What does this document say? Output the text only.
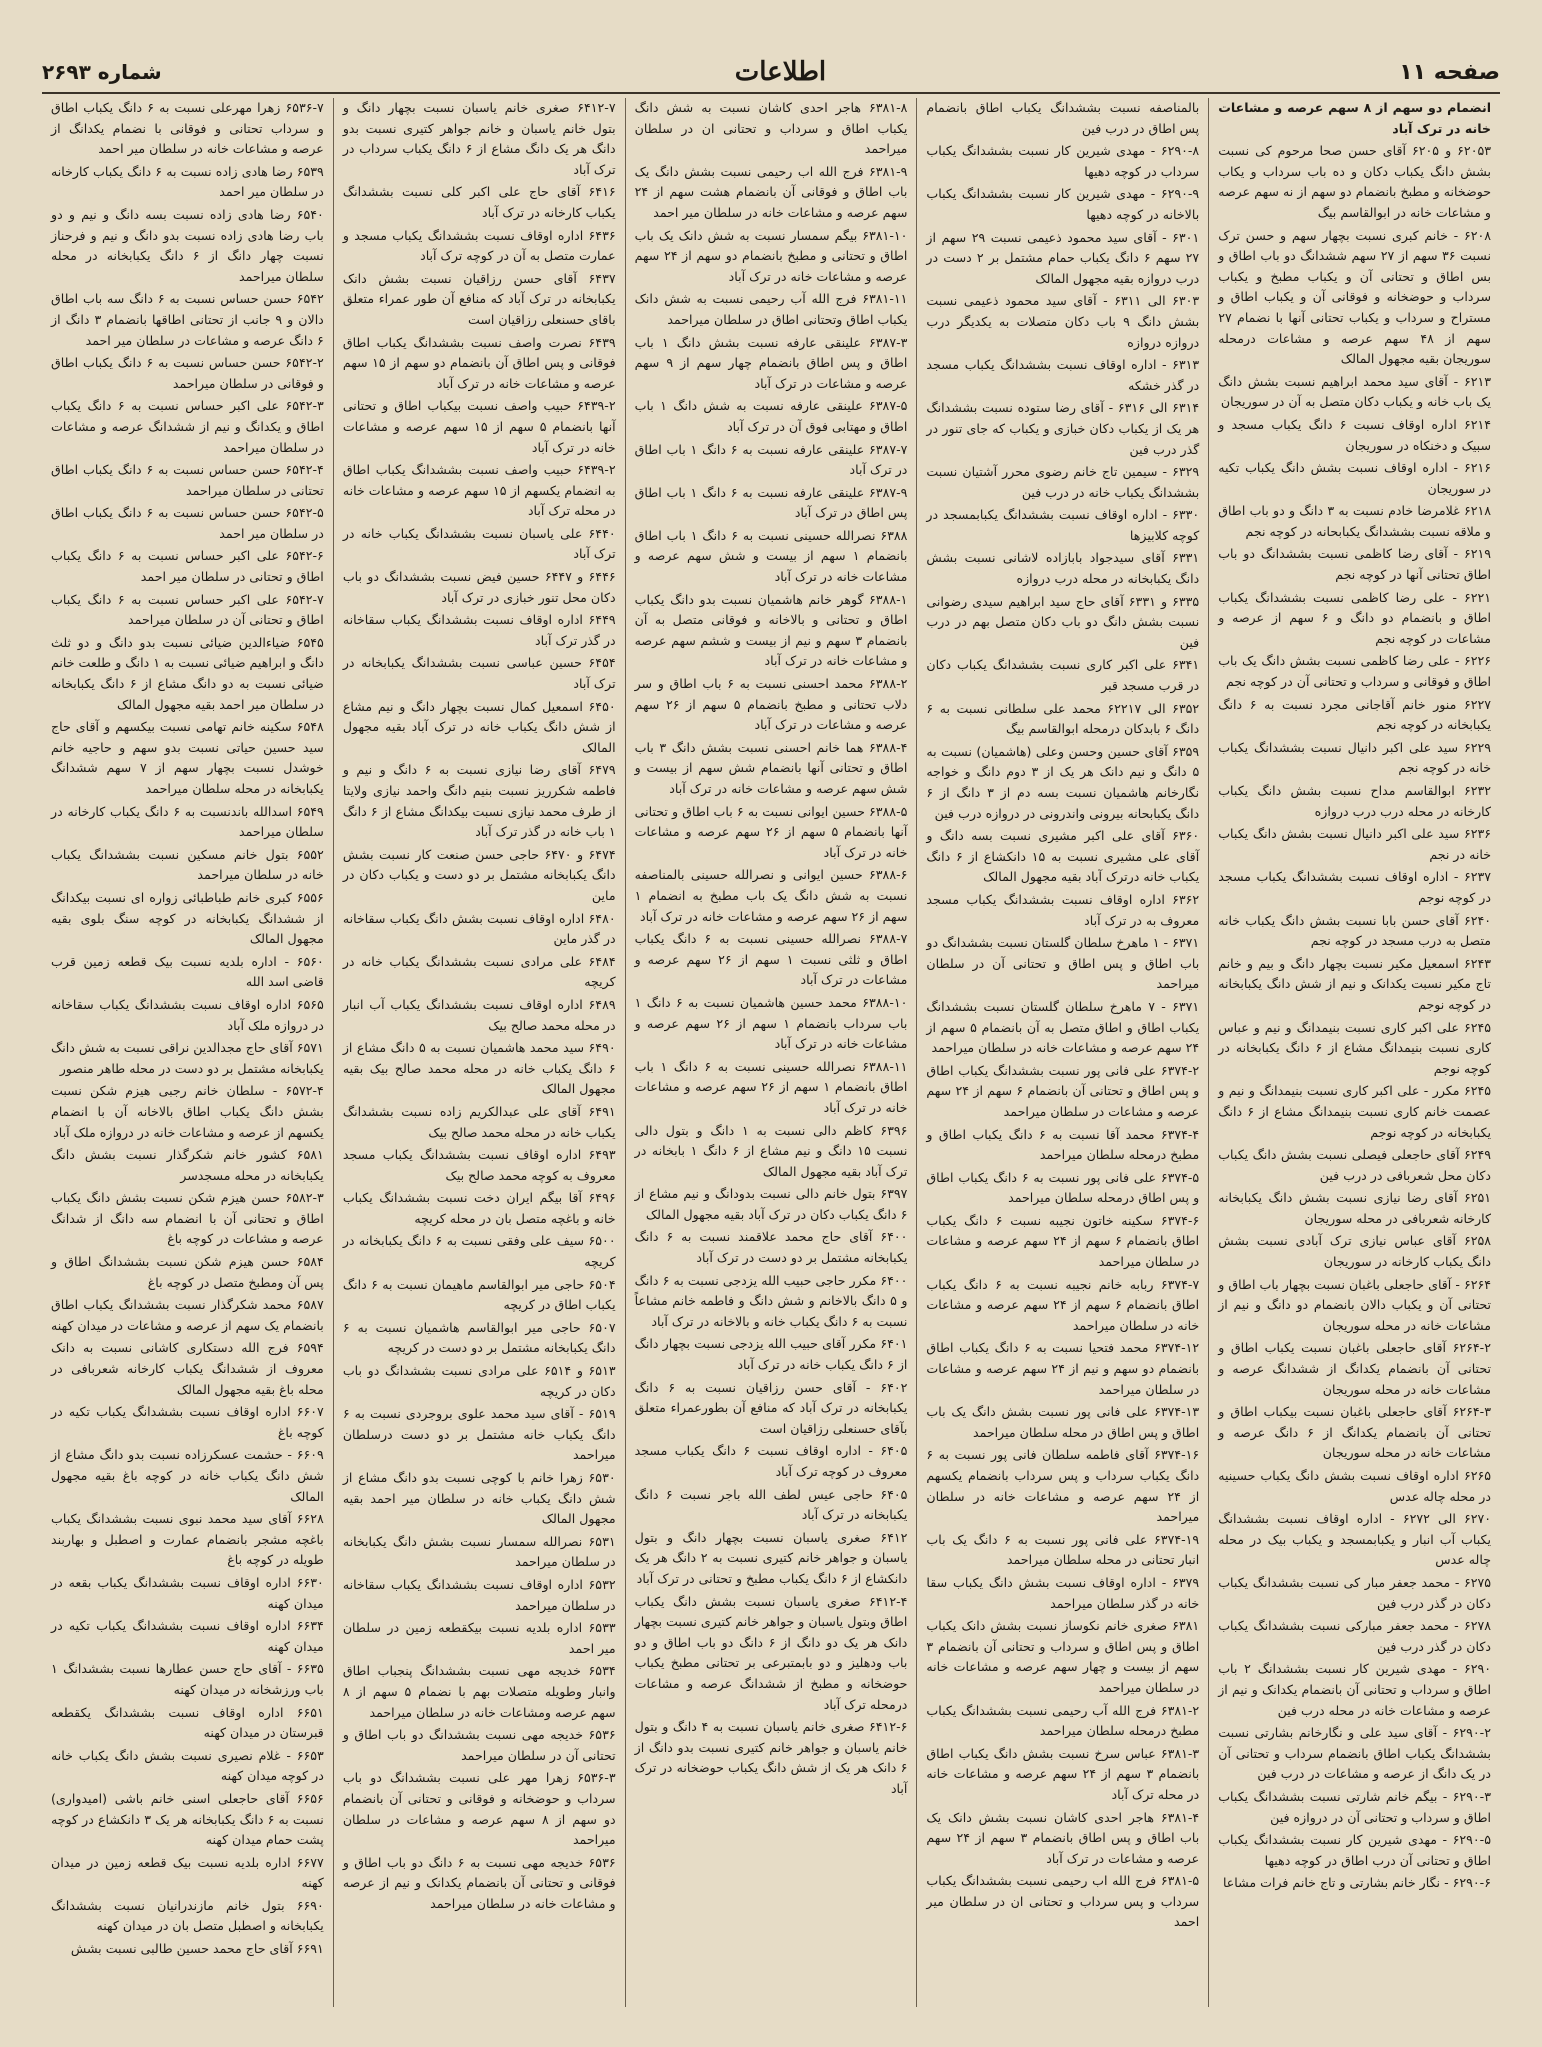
صفحه ۱۱
اطلاعات
شماره ۲۶۹۳

انضمام دو سهم از ۸ سهم عرصه و مشاعات خانه در ترک آباد

۶۲۰۵۳ و ۶۲۰۵ آقای حسن صحا مرحوم کی نسبت بشش دانگ یکباب دکان و ده باب سرداب و یکاب حوضخانه و مطبخ بانضمام دو سهم از نه سهم عرصه و مشاعات خانه در ابوالقاسم بیگ

۶۲۰۸ - خانم کبری نسبت بچهار سهم و حسن ترک نسبت ۳۶ سهم از ۲۷ سهم ششدانگ دو باب اطاق و بس اطاق و تحتانی آن و یکباب مطبخ و یکباب سرداب و حوضخانه و فوقانی آن و یکباب اطاق و مستراح و سرداب و یکباب تحتانی آنها با نضمام ۲۷ سهم از ۴۸ سهم عرصه و مشاعات درمحله سوریجان بقیه مجهول المالک

۶۲۱۳ - آقای سید محمد ابراهیم نسبت بشش دانگ یک باب خانه و یکباب دکان متصل به آن در سوریجان

۶۲۱۴ اداره اوقاف نسبت ۶ دانگ یکباب مسجد و سبیک و دخنکاه در سوریجان

۶۲۱۶ - اداره اوقاف نسبت بشش دانگ یکباب تکیه در سوریجان

۶۲۱۸ غلامرضا خادم نسبت به ۳ دانگ و دو باب اطاق و ملاقه نسبت بششدانگ یکبابحانه در کوچه نجم

۶۲۱۹ - آقای رضا کاظمی نسبت بششدانگ دو باب اطاق تحتانی آنها در کوچه نجم

۶۲۲۱ - علی رضا کاظمی نسبت بششدانگ یکباب اطاق و بانضمام دو دانگ و ۶ سهم از عرصه و مشاعات در کوچه نجم

۶۲۲۶ - علی رضا کاظمی نسبت بشش دانگ یک باب اطاق و فوقانی و سرداب و تحتانی آن در کوچه نجم

۶۲۲۷ منور خانم آقاجانی مجرد نسبت به ۶ دانگ یکبابخانه در کوچه نجم

۶۲۲۹ سید علی اکبر دانیال نسبت بششدانگ یکباب خانه در کوچه نجم

۶۲۳۲ ابوالقاسم مداح نسبت بشش دانگ یکباب کارخانه در محله درب درب دروازه

۶۲۳۶ سید علی اکبر دانیال نسبت بشش دانگ یکباب خانه در نجم

۶۲۳۷ - اداره اوقاف نسبت بششدانگ یکباب مسجد در کوچه نوجم

۶۲۴۰ آقای حسن بابا نسبت بشش دانگ یکباب خانه متصل به درب مسجد در کوچه نجم

۶۲۴۳ اسمعیل مکیر نسبت بچهار دانگ و بیم و خانم تاج مکیر نسبت یکدانک و نیم از شش دانگ یکبابخانه در کوچه نوجم

۶۲۴۵ علی اکبر کاری نسبت بنیمدانگ و نیم و عباس کاری نسبت بنیمدانگ مشاع از ۶ دانگ یکبابخانه در کوچه نوجم

۶۲۴۵ مکرر - علی اکبر کاری نسبت بنیمدانگ و نیم و عصمت خانم کاری نسبت بنیمدانگ مشاع از ۶ دانگ یکبابخانه در کوچه نوجم

۶۲۴۹ آقای حاجعلی فیصلی نسبت بشش دانگ یکباب دکان محل شعربافی در درب فین

۶۲۵۱ آقای رضا نیازی نسبت بشش دانگ یکبابخانه کارخانه شعربافی در محله سوریجان

۶۲۵۸ آقای عباس نیازی ترک آبادی نسبت بشش دانگ یکباب کارخانه در سوریجان

۶۲۶۴ - آقای حاجعلی باغبان نسبت بچهار باب اطاق و تحتانی آن و یکباب دالان بانضمام دو دانگ و نیم از مشاعات خانه در محله سوریجان

۶۲۶۴-۲ آقای حاجعلی باغبان نسبت یکباب اطاق و تحتانی آن بانضمام یکدانگ از ششدانگ عرصه و مشاعات خانه در محله سوریجان

۶۲۶۴-۳ آقای حاجعلی باغبان نسبت بیکباب اطاق و تحتانی آن بانضمام یکدانگ از ۶ دانگ عرصه و مشاعات خانه در محله سوریجان

۶۲۶۵ اداره اوقاف نسبت بشش دانگ یکباب حسینیه در محله چاله عدس

۶۲۷۰ الی ۶۲۷۲ - اداره اوقاف نسبت بششدانگ یکباب آب انبار و یکبابمسجد و یکباب بیک در محله چاله عدس

۶۲۷۵ - محمد جعفر مبار کی نسبت بششدانگ یکباب دکان در گذر درب فین

۶۲۷۸ - محمد جعفر مبارکی نسبت بششدانگ یکباب دکان در گذر درب فین

۶۲۹۰ - مهدی شیرین کار نسبت بششدانگ ۲ باب اطاق و سرداب و تحتانی آن بانضمام یکدانک و نیم از عرصه و مشاعات خانه در محله درب فین

۶۲۹۰-۲ - آقای سید علی و نگارخانم بشارتی نسبت بششدانگ یکباب اطاق بانضمام سرداب و تحتانی آن در یک دانگ از عرصه و مشاعات در درب فین

۶۲۹۰-۳ - بیگم خانم شارتی نسبت بششدانگ یکباب اطاق و سرداب و تحتانی آن در دروازه فین

۶۲۹۰-۵ - مهدی شیرین کار نسبت بششدانگ یکباب اطاق و تحتانی آن درب اطاق در کوچه دهیها

۶۲۹۰-۶ - نگار خانم بشارتی و تاج خانم فرات مشاعا

بالمناصفه نسبت بششدانگ یکباب اطاق بانضمام پس اطاق در درب فین

۶۲۹۰-۸ - مهدی شیرین کار نسبت بششدانگ یکباب سرداب در کوچه دهیها

۶۲۹۰-۹ - مهدی شیرین کار نسبت بششدانگ یکباب بالاخانه در کوچه دهیها

۶۳۰۱ - آقای سید محمود ذعیمی نسبت ۲۹ سهم از ۲۷ سهم ۶ دانگ یکباب حمام مشتمل بر ۲ دست در درب دروازه بقیه مجهول المالک

۶۳۰۳ الی ۶۳۱۱ - آقای سید محمود ذعیمی نسبت بشش دانگ ۹ باب دکان متصلات به یکدیگر درب دروازه دروازه

۶۳۱۳ - اداره اوقاف نسبت بششدانگ یکباب مسجد در گذر خشکه

۶۳۱۴ الی ۶۳۱۶ - آقای رضا ستوده نسبت بششدانگ هر یک از یکباب دکان خبازی و یکباب که جای تنور در گذر درب فین

۶۳۲۹ - سیمین تاج خانم رضوی محرر آشتیان نسبت بششدانگ یکباب خانه در درب فین

۶۳۳۰ - اداره اوقاف نسبت بششدانگ یکبابمسجد در کوچه کلابیزها

۶۳۳۱ آقای سیدجواد بابازاده لاشانی نسبت بشش دانگ یکبابخانه در محله درب دروازه

۶۳۳۵ و ۶۳۳۱ آقای حاج سید ابراهیم سیدی رضوانی نسبت بشش دانگ دو باب دکان متصل بهم در درب فین

۶۳۴۱ علی اکبر کاری نسبت بششدانگ یکباب دکان در قرب مسجد قبر

۶۳۵۲ الی ۶۲۲۱۷ محمد علی سلطانی نسبت به ۶ دانگ ۶ بابدکان درمحله ابوالقاسم بیگ

۶۳۵۹ آقای حسین وحسن وعلی (هاشمیان) نسبت به ۵ دانگ و نیم دانک هر یک از ۳ دوم دانگ و خواجه نگارخانم هاشمیان نسبت بسه دم از ۳ دانگ از ۶ دانگ یکبابحانه بیرونی واندرونی در دروازه درب فین

۶۳۶۰ آقای علی اکبر مشیری نسبت بسه دانگ و آقای علی مشیری نسبت به ۱۵ دانکشاع از ۶ دانگ یکباب خانه درترک آباد بقیه مجهول المالک

۶۳۶۲ اداره اوقاف نسبت بششدانگ یکباب مسجد معروف به در ترک آباد

۶۳۷۱ - ۱ ماهرخ سلطان گلستان نسبت بششدانگ دو باب اطاق و پس اطاق و تحتانی آن در سلطان میراحمد

۶۳۷۱ - ۷ ماهرخ سلطان گلستان نسبت بششدانگ یکباب اطاق و اطاق متصل به آن بانضمام ۵ سهم از ۲۴ سهم عرصه و مشاعات خانه در سلطان میراحمد

۶۳۷۴-۲ علی فانی پور نسبت بششدانگ یکباب اطاق و پس اطاق و تحتانی آن بانضمام ۶ سهم از ۲۴ سهم عرصه و مشاعات در سلطان میراحمد

۶۳۷۴-۴ محمد آقا نسبت به ۶ دانگ یکباب اطاق و مطبخ درمحله سلطان میراحمد

۶۳۷۴-۵ علی فانی پور نسبت به ۶ دانگ یکباب اطاق و پس اطاق درمحله سلطان میراحمد

۶۳۷۴-۶ سکینه خاتون نجیبه نسبت ۶ دانگ یکباب اطاق بانضمام ۶ سهم از ۲۴ سهم عرصه و مشاعات در سلطان میراحمد

۶۳۷۴-۷ ربابه خانم نجیبه نسبت به ۶ دانگ یکباب اطاق بانضمام ۶ سهم از ۲۴ سهم عرصه و مشاعات خانه در سلطان میراحمد

۶۳۷۴-۱۲ محمد فتحیا نسبت به ۶ دانگ یکباب اطاق بانضمام دو سهم و نیم از ۲۴ سهم عرصه و مشاعات در سلطان میراحمد

۶۳۷۴-۱۳ علی فانی پور نسبت بشش دانگ یک باب اطاق و پس اطاق در محله سلطان میراحمد

۶۳۷۴-۱۶ آقای فاطمه سلطان فانی پور نسبت به ۶ دانگ یکباب سرداب و پس سرداب بانضمام یکسهم از ۲۴ سهم عرصه و مشاعات خانه در سلطان میراحمد

۶۳۷۴-۱۹ علی فانی پور نسبت به ۶ دانگ یک باب انبار تحتانی در محله سلطان میراحمد

۶۳۷۹ - اداره اوقاف نسبت بشش دانگ یکباب سقا خانه در گذر سلطان میراحمد

۶۳۸۱ صغری خانم نکوساز نسبت بشش دانک یکباب اطاق و پس اطاق و سرداب و تحتانی آن بانضمام ۳ سهم از بیست و چهار سهم عرصه و مشاعات خانه در سلطان میراحمد

۶۳۸۱-۲ فرج الله آب رحیمی نسبت بششدانگ یکباب مطبخ درمحله سلطان میراحمد

۶۳۸۱-۳ عباس سرخ نسبت بشش دانگ یکباب اطاق بانضمام ۳ سهم از ۲۴ سهم عرصه و مشاعات خانه در محله ترک آباد

۶۳۸۱-۴ هاجر احدی کاشان نسبت بشش دانک یک باب اطاق و پس اطاق بانضمام ۳ سهم از ۲۴ سهم عرصه و مشاعات در ترک آباد

۶۳۸۱-۵ فرج الله اب رحیمی نسبت بششدانگ یکباب سرداب و پس سرداب و تحتانی ان در سلطان میر احمد

۶۳۸۱-۸ هاجر احدی کاشان نسبت به شش دانگ یکباب اطاق و سرداب و تحتانی ان در سلطان میراحمد

۶۳۸۱-۹ فرج الله اب رحیمی نسبت بشش دانگ یک باب اطاق و فوقانی آن بانضمام هشت سهم از ۲۴ سهم عرصه و مشاعات خانه در سلطان میر احمد

۶۳۸۱-۱۰ بیگم سمسار نسبت به شش دانک یک باب اطاق و تحتانی و مطبخ بانضمام دو سهم از ۲۴ سهم عرصه و مشاعات خانه در ترک آباد

۶۳۸۱-۱۱ فرج الله آب رحیمی نسبت به شش دانک یکباب اطاق وتحتانی اطاق در سلطان میراحمد

۶۳۸۷-۳ علینقی عارفه نسبت بشش دانگ ۱ باب اطاق و پس اطاق بانضمام چهار سهم از ۹ سهم عرصه و مشاعات در ترک آباد

۶۳۸۷-۵ علینقی عارفه نسبت به شش دانگ ۱ باب اطاق و مهتابی فوق آن در ترک آباد

۶۳۸۷-۷ علینقی عارفه نسبت به ۶ دانگ ۱ باب اطاق در ترک آباد

۶۳۸۷-۹ علینقی عارفه نسبت به ۶ دانگ ۱ باب اطاق پس اطاق در ترک آباد

۶۳۸۸ نصرالله حسینی نسبت به ۶ دانگ ۱ باب اطاق بانضمام ۱ سهم از بیست و شش سهم عرصه و مشاعات خانه در ترک آباد

۶۳۸۸-۱ گوهر خانم هاشمیان نسبت بدو دانگ یکباب اطاق و تحتانی و بالاخانه و فوقانی متصل به آن بانضمام ۳ سهم و نیم از بیست و ششم سهم عرصه و مشاعات خانه در ترک آباد

۶۳۸۸-۲ محمد احسنی نسبت به ۶ باب اطاق و سر دلاب تحتانی و مطبخ بانضمام ۵ سهم از ۲۶ سهم عرصه و مشاعات در ترک آباد

۶۳۸۸-۴ هما خانم احسنی نسبت بشش دانگ ۳ باب اطاق و تحتانی آنها بانضمام شش سهم از بیست و شش سهم عرصه و مشاعات خانه در ترک آباد

۶۳۸۸-۵ حسین ایوانی نسبت به ۶ باب اطاق و تحتانی آنها بانضمام ۵ سهم از ۲۶ سهم عرصه و مشاعات خانه در ترک آباد

۶۳۸۸-۶ حسین ایوانی و نصرالله حسینی بالمناصفه نسبت به شش دانگ یک باب مطبخ به انضمام ۱ سهم از ۲۶ سهم عرصه و مشاعات خانه در ترک آباد

۶۳۸۸-۷ نصرالله حسینی نسبت به ۶ دانگ یکباب اطاق و ثلثی نسبت ۱ سهم از ۲۶ سهم عرصه و مشاعات در ترک آباد

۶۳۸۸-۱۰ محمد حسین هاشمیان نسبت به ۶ دانگ ۱ باب سرداب بانضمام ۱ سهم از ۲۶ سهم عرصه و مشاعات خانه در ترک آباد

۶۳۸۸-۱۱ نصرالله حسینی نسبت به ۶ دانگ ۱ باب اطاق بانضمام ۱ سهم از ۲۶ سهم عرصه و مشاعات خانه در ترک آباد

۶۳۹۶ کاظم دالی نسبت به ۱ دانگ و بتول دالی نسبت ۱۵ دانگ و نیم مشاع از ۶ دانگ ۱ بابخانه در ترک آباد بقیه مجهول المالک

۶۳۹۷ بتول خانم دالی نسبت بدودانگ و نیم مشاع از ۶ دانگ یکباب دکان در ترک آباد بقیه مجهول المالک

۶۴۰۰ آقای حاج محمد علاقمند نسبت به ۶ دانگ یکبابخانه مشتمل بر دو دست در ترک آباد

۶۴۰۰ مکرر حاجی حبیب الله یزدجی نسبت به ۶ دانگ و ۵ دانگ بالاخانم و شش دانگ و فاطمه خانم مشاعاً نسبت به ۶ دانگ یکباب خانه و بالاخانه در ترک آباد

۶۴۰۱ مکرر آقای حبیب الله یزدجی نسبت بچهار دانگ از ۶ دانگ یکباب خانه در ترک آباد

۶۴۰۲ - آقای حسن رزاقیان نسبت به ۶ دانگ یکبابخانه در ترک آباد که منافع آن بطورعمراء متعلق بآقای حسنعلی رزاقیان است

۶۴۰۵ - اداره اوقاف نسبت ۶ دانگ یکباب مسجد معروف در کوچه ترک آباد

۶۴۰۵ حاجی عیس لطف الله باجر نسبت ۶ دانگ یکبابخانه در ترک آباد

۶۴۱۲ صغری یاسبان نسبت بچهار دانگ و بتول یاسبان و جواهر خانم کتیری نسبت به ۲ دانگ هر یک دانکشاع از ۶ دانگ یکباب مطبخ و تحتانی در ترک آباد

۶۴۱۲-۴ صغری یاسبان نسبت بشش دانگ یکباب اطاق وبتول یاسبان و جواهر خانم کتیری نسبت بچهار دانک هر یک دو دانگ از ۶ دانگ دو باب اطاق و دو باب ودهلیز و دو بابمتبرعی بر تحتانی مطبخ یکباب حوضخانه و مطبخ از ششدانگ عرصه و مشاعات درمحله ترک آباد

۶۴۱۲-۶ صغری خانم یاسبان نسبت به ۴ دانگ و بتول خانم یاسبان و جواهر خانم کتیری نسبت بدو دانگ از ۶ دانک هر یک از شش دانگ یکباب حوضخانه در ترک آباد

۶۴۱۲-۷ صغری خانم یاسبان نسبت بچهار دانگ و بتول خانم یاسبان و خانم جواهر کتیری نسبت بدو دانگ هر یک دانگ مشاع از ۶ دانگ یکباب سرداب در ترک آباد

۶۴۱۶ آقای حاج علی اکبر کلی نسبت بششدانگ یکباب کارخانه در ترک آباد

۶۴۳۶ اداره اوقاف نسبت بششدانگ یکباب مسجد و عمارت متصل به آن در کوچه ترک آباد

۶۴۳۷ آقای حسن رزاقیان نسبت بشش دانک یکبابخانه در ترک آباد که منافع آن طور عمراء متعلق باقای حسنعلی رزاقیان است

۶۴۳۹ نصرت واصف نسبت بششدانگ یکباب اطاق فوقانی و پس اطاق آن بانضمام دو سهم از ۱۵ سهم عرصه و مشاعات خانه در ترک آباد

۶۴۳۹-۲ حبیب واصف نسبت بیکباب اطاق و تحتانی آنها بانضمام ۵ سهم از ۱۵ سهم عرصه و مشاعات خانه در ترک آباد

۶۴۳۹-۲ حبیب واصف نسبت بششدانگ یکباب اطاق به انضمام یکسهم از ۱۵ سهم عرصه و مشاعات خانه در محله ترک آباد

۶۴۴۰ علی یاسبان نسبت بششدانگ یکباب خانه در ترک آباد

۶۴۴۶ و ۶۴۴۷ حسین فیض نسبت بششدانگ دو باب دکان محل تنور خبازی در ترک آباد

۶۴۴۹ اداره اوقاف نسبت بششدانگ یکباب سقاخانه در گذر ترک آباد

۶۴۵۴ حسین عباسی نسبت بششدانگ یکبابخانه در ترک آباد

۶۴۵۰ اسمعیل کمال نسبت بچهار دانگ و نیم مشاع از شش دانگ یکباب خانه در ترک آباد بقیه مجهول المالک

۶۴۷۹ آقای رضا نیازی نسبت به ۶ دانگ و نیم و فاطمه شکرریز نسبت بنیم دانگ واحمد نیازی ولایتا از طرف محمد نیازی نسبت بیکدانگ مشاع از ۶ دانگ ۱ باب خانه در گذر ترک آباد

۶۴۷۴ و ۶۴۷۰ حاجی حسن صنعت کار نسبت بشش دانگ یکبابخانه مشتمل بر دو دست و یکباب دکان در ماین

۶۴۸۰ اداره اوقاف نسبت بشش دانگ یکباب سقاخانه در گذر ماین

۶۴۸۴ علی مرادی نسبت بششدانگ یکباب خانه در کریچه

۶۴۸۹ اداره اوقاف نسبت بششدانگ یکباب آب انبار در محله محمد صالح بیک

۶۴۹۰ سید محمد هاشمیان نسبت به ۵ دانگ مشاع از ۶ دانگ یکباب خانه در محله محمد صالح بیک بقیه مجهول المالک

۶۴۹۱ آقای علی عبدالکریم زاده نسبت بششدانگ یکباب خانه در محله محمد صالح بیک

۶۴۹۳ اداره اوقاف نسبت بششدانگ یکباب مسجد معروف به کوچه محمد صالح بیک

۶۴۹۶ آقا بیگم ایران دخت نسبت بششدانگ یکباب خانه و باغچه متصل بان در محله کریچه

۶۵۰۰ سیف علی وفقی نسبت به ۶ دانگ یکبابخانه در کریچه

۶۵۰۴ حاجی میر ابوالقاسم ماهیمان نسبت به ۶ دانگ یکباب اطاق در کریچه

۶۵۰۷ حاجی میر ابوالقاسم هاشمیان نسبت به ۶ دانگ یکبابخانه مشتمل بر دو دست در کریچه

۶۵۱۳ و ۶۵۱۴ علی مرادی نسبت بششدانگ دو باب دکان در کریچه

۶۵۱۹ - آقای سید محمد علوی بروجردی نسبت به ۶ دانگ یکباب خانه مشتمل بر دو دست درسلطان میراحمد

۶۵۳۰ زهرا خانم با کوچی نسبت بدو دانگ مشاع از شش دانگ یکباب خانه در سلطان میر احمد بقیه مجهول المالک

۶۵۳۱ نصرالله سمسار نسبت بشش دانگ یکبابخانه در سلطان میراحمد

۶۵۳۲ اداره اوقاف نسبت بششدانگ یکباب سقاخانه در سلطان میراحمد

۶۵۳۳ اداره بلدیه نسبت بیکقطعه زمین در سلطان میر احمد

۶۵۳۴ خدیجه مهی نسبت بششدانگ پنجباب اطاق وانبار وطویله متصلات بهم با نضمام ۵ سهم از ۸ سهم عرصه ومشاعات خانه در سلطان میراحمد

۶۵۳۶ خدیجه مهی نسبت بششدانگ دو باب اطاق و تحتانی آن در سلطان میراحمد

۶۵۳۶-۳ زهرا مهر علی نسبت بششدانگ دو باب سرداب و حوضخانه و فوقانی و تحتانی آن بانضمام دو سهم از ۸ سهم عرصه و مشاعات در سلطان میراحمد

۶۵۳۶ خدیجه مهی نسبت به ۶ دانگ دو باب اطاق و فوقانی و تحتانی آن بانضمام یکدانک و نیم از عرصه و مشاعات خانه در سلطان میراحمد

۶۵۳۶-۷ زهرا مهرعلی نسبت به ۶ دانگ یکباب اطاق و سرداب تحتانی و فوقانی با نضمام یکدانگ از عرصه و مشاعات خانه در سلطان میر احمد

۶۵۳۹ رضا هادی زاده نسبت به ۶ دانگ یکباب کارخانه در سلطان میر احمد

۶۵۴۰ رضا هادی زاده نسبت بسه دانگ و نیم و دو باب رضا هادی زاده نسبت بدو دانگ و نیم و فرحناز نسبت چهار دانگ از ۶ دانگ یکبابخانه در محله سلطان میراحمد

۶۵۴۲ حسن حساس نسبت به ۶ دانگ سه باب اطاق دالان و ۹ جانب از تحتانی اطاقها بانضمام ۳ دانگ از ۶ دانگ عرصه و مشاعات در سلطان میر احمد

۶۵۴۲-۲ حسن حساس نسبت به ۶ دانگ یکباب اطاق و فوقانی در سلطان میراحمد

۶۵۴۲-۳ علی اکبر حساس نسبت به ۶ دانگ یکباب اطاق و یکدانگ و نیم از ششدانگ عرصه و مشاعات در سلطان میراحمد

۶۵۴۲-۴ حسن حساس نسبت به ۶ دانگ یکباب اطاق تحتانی در سلطان میراحمد

۶۵۴۲-۵ حسن حساس نسبت به ۶ دانگ یکباب اطاق در سلطان میر احمد

۶۵۴۲-۶ علی اکبر حساس نسبت به ۶ دانگ یکباب اطاق و تحتانی در سلطان میر احمد

۶۵۴۲-۷ علی اکبر حساس نسبت به ۶ دانگ یکباب اطاق و تحتانی آن در سلطان میراحمد

۶۵۴۵ ضیاءالدین ضیائی نسبت بدو دانگ و دو ثلث دانگ و ابراهیم ضیائی نسبت به ۱ دانگ و طلعت خانم ضیائی نسبت به دو دانگ مشاع از ۶ دانگ یکبابخانه در سلطان میر احمد بقیه مجهول المالک

۶۵۴۸ سکینه خانم تهامی نسبت بیکسهم و آقای حاج سید حسین حیاتی نسبت بدو سهم و حاجیه خانم خوشدل نسبت بچهار سهم از ۷ سهم ششدانگ یکبابخانه در محله سلطان میراحمد

۶۵۴۹ اسدالله باندنسبت به ۶ دانگ یکباب کارخانه در سلطان میراحمد

۶۵۵۲ بتول خانم مسکین نسبت بششدانگ یکباب خانه در سلطان میراحمد

۶۵۵۶ کبری خانم طباطبائی زواره ای نسبت بیکدانگ از ششدانگ یکبابخانه در کوچه سنگ بلوی بقیه مجهول المالک

۶۵۶۰ - اداره بلدیه نسبت بیک قطعه زمین قرب قاضی اسد الله

۶۵۶۵ اداره اوقاف نسبت بششدانگ یکباب سقاخانه در دروازه ملک آباد

۶۵۷۱ آقای حاج مجدالدین نراقی نسبت به شش دانگ یکبابخانه مشتمل بر دو دست در محله طاهر منصور

۶۵۷۲-۴ - سلطان خانم رجبی هیزم شکن نسبت بشش دانگ یکباب اطاق بالاخانه آن با انضمام یکسهم از عرصه و مشاعات خانه در دروازه ملک آباد

۶۵۸۱ کشور خانم شکرگذار نسبت بشش دانگ یکبابخانه در محله مسجدسر

۶۵۸۲-۳ حسن هیزم شکن نسبت بشش دانگ یکباب اطاق و تحتانی آن با انضمام سه دانگ از شدانگ عرصه و مشاعات در کوچه باغ

۶۵۸۴ حسن هیزم شکن نسبت بششدانگ اطاق و پس آن ومطبخ متصل در کوچه باغ

۶۵۸۷ محمد شکرگذار نسبت بششدانگ یکباب اطاق بانضمام یک سهم از عرصه و مشاعات در میدان کهنه

۶۵۹۴ فرج الله دستکاری کاشانی نسبت به دانک معروف از ششدانگ یکباب کارخانه شعربافی در محله باغ بقیه مجهول المالک

۶۶۰۷ اداره اوقاف نسبت بششدانگ یکباب تکیه در کوچه باغ

۶۶۰۹ - حشمت عسکرزاده نسبت بدو دانگ مشاع از شش دانگ یکباب خانه در کوچه باغ بقیه مجهول المالک

۶۶۲۸ آقای سید محمد نبوی نسبت بششدانگ یکباب باغچه مشجر بانضمام عمارت و اصطبل و بهاربند طویله در کوچه باغ

۶۶۳۰ اداره اوقاف نسبت بششدانگ یکباب بقعه در میدان کهنه

۶۶۳۴ اداره اوقاف نسبت بششدانگ یکباب تکیه در میدان کهنه

۶۶۳۵ - آقای حاج حسن عطارها نسبت بششدانگ ۱ باب ورزشخانه در میدان کهنه

۶۶۵۱ اداره اوقاف نسبت بششدانگ یکقطعه قبرستان در میدان کهنه

۶۶۵۳ - غلام نصیری نسبت بشش دانگ یکباب خانه در کوچه میدان کهنه

۶۶۵۶ آقای حاجعلی اسنی خانم باشی (امیدواری) نسبت به ۶ دانگ یکبابخانه هر یک ۳ دانکشاع در کوچه پشت حمام میدان کهنه

۶۶۷۷ اداره بلدیه نسبت بیک قطعه زمین در میدان کهنه

۶۶۹۰ بتول خانم مازندرانیان نسبت بششدانگ یکبابخانه و اصطبل متصل بان در میدان کهنه

۶۶۹۱ آقای حاج محمد حسین طالبی نسبت بشش
